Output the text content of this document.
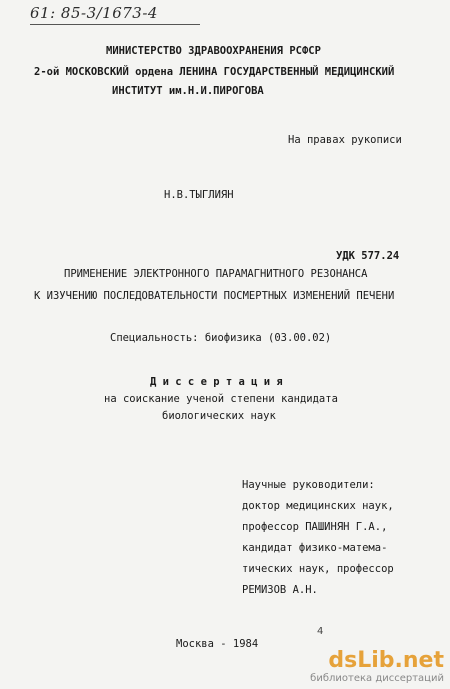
61: 85-3/1673-4
МИНИСТЕРСТВО ЗДРАВООХРАНЕНИЯ РСФСР
2-ой МОСКОВСКИЙ ордена ЛЕНИНА ГОСУДАРСТВЕННЫЙ МЕДИЦИНСКИЙ
ИНСТИТУТ им.Н.И.ПИРОГОВА
На правах рукописи
Н.В.ТЫГЛИЯН
УДК 577.24
ПРИМЕНЕНИЕ ЭЛЕКТРОННОГО ПАРАМАГНИТНОГО РЕЗОНАНСА
К ИЗУЧЕНИЮ ПОСЛЕДОВАТЕЛЬНОСТИ ПОСМЕРТНЫХ ИЗМЕНЕНИЙ ПЕЧЕНИ
Специальность: биофизика (03.00.02)
Д и с с е р т а ц и я
на соискание ученой степени кандидата
биологических наук
Научные руководители:
доктор медицинских наук,
профессор ПАШИНЯН Г.А.,
кандидат физико-матема-
тических наук, профессор
РЕМИЗОВ А.Н.
Москва - 1984
4
dsLib.net
библиотека диссертаций
